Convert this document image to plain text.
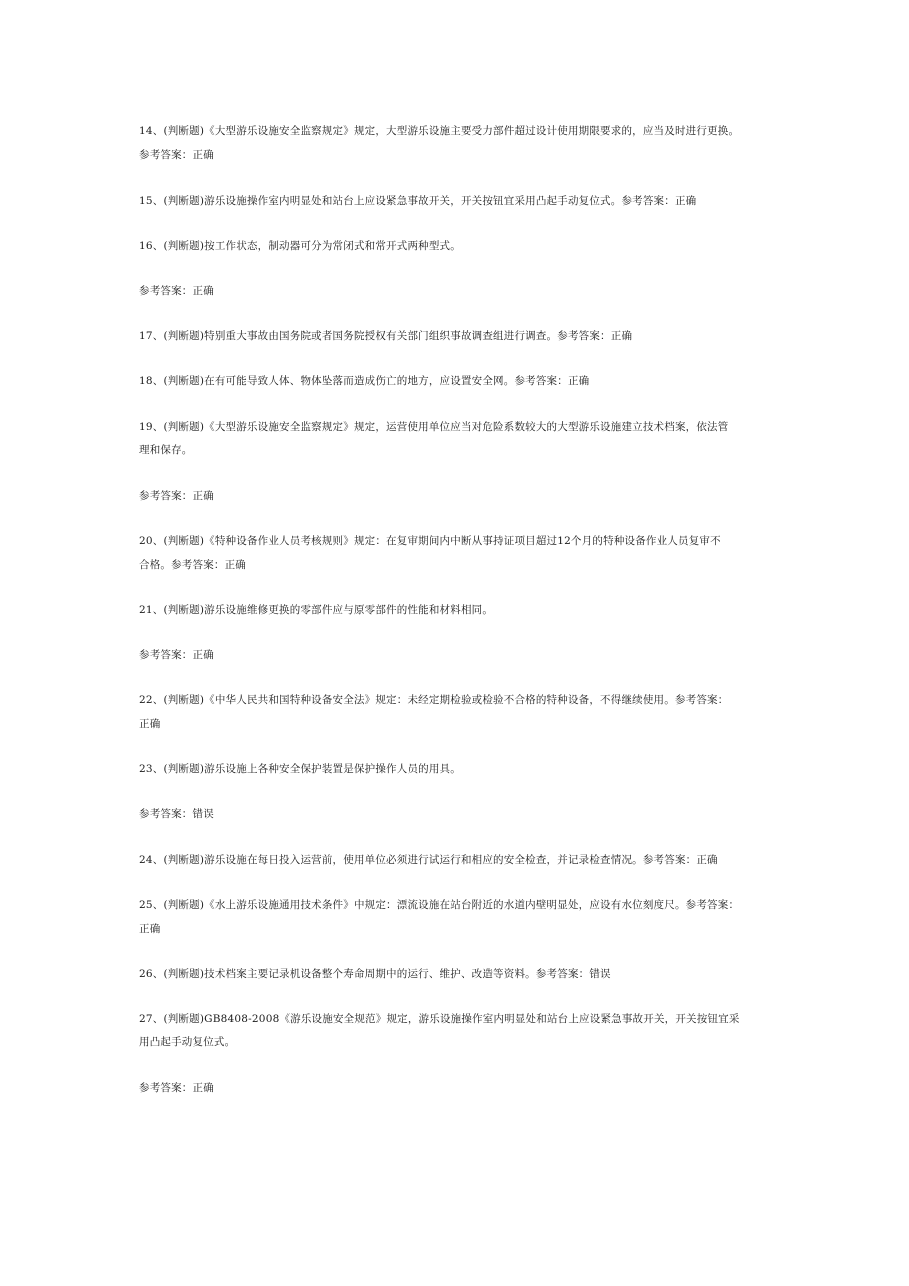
14、(判断题)《大型游乐设施安全监察规定》规定，大型游乐设施主要受力部件超过设计使用期限要求的，应当及时进行更换。
参考答案：正确
15、(判断题)游乐设施操作室内明显处和站台上应设紧急事故开关，开关按钮宜采用凸起手动复位式。参考答案：正确
16、(判断题)按工作状态，制动器可分为常闭式和常开式两种型式。
参考答案：正确
17、(判断题)特别重大事故由国务院或者国务院授权有关部门组织事故调查组进行调查。参考答案：正确
18、(判断题)在有可能导致人体、物体坠落而造成伤亡的地方，应设置安全网。参考答案：正确
19、(判断题)《大型游乐设施安全监察规定》规定，运营使用单位应当对危险系数较大的大型游乐设施建立技术档案，依法管
理和保存。
参考答案：正确
20、(判断题)《特种设备作业人员考核规则》规定：在复审期间内中断从事持证项目超过12个月的特种设备作业人员复审不
合格。参考答案：正确
21、(判断题)游乐设施维修更换的零部件应与原零部件的性能和材料相同。
参考答案：正确
22、(判断题)《中华人民共和国特种设备安全法》规定：未经定期检验或检验不合格的特种设备，不得继续使用。参考答案：
正确
23、(判断题)游乐设施上各种安全保护装置是保护操作人员的用具。
参考答案：错误
24、(判断题)游乐设施在每日投入运营前，使用单位必须进行试运行和相应的安全检查，并记录检查情况。参考答案：正确
25、(判断题)《水上游乐设施通用技术条件》中规定：漂流设施在站台附近的水道内壁明显处，应设有水位刻度尺。参考答案：
正确
26、(判断题)技术档案主要记录机设备整个寿命周期中的运行、维护、改造等资料。参考答案：错误
27、(判断题)GB8408-2008《游乐设施安全规范》规定，游乐设施操作室内明显处和站台上应设紧急事故开关，开关按钮宜采
用凸起手动复位式。
参考答案：正确
